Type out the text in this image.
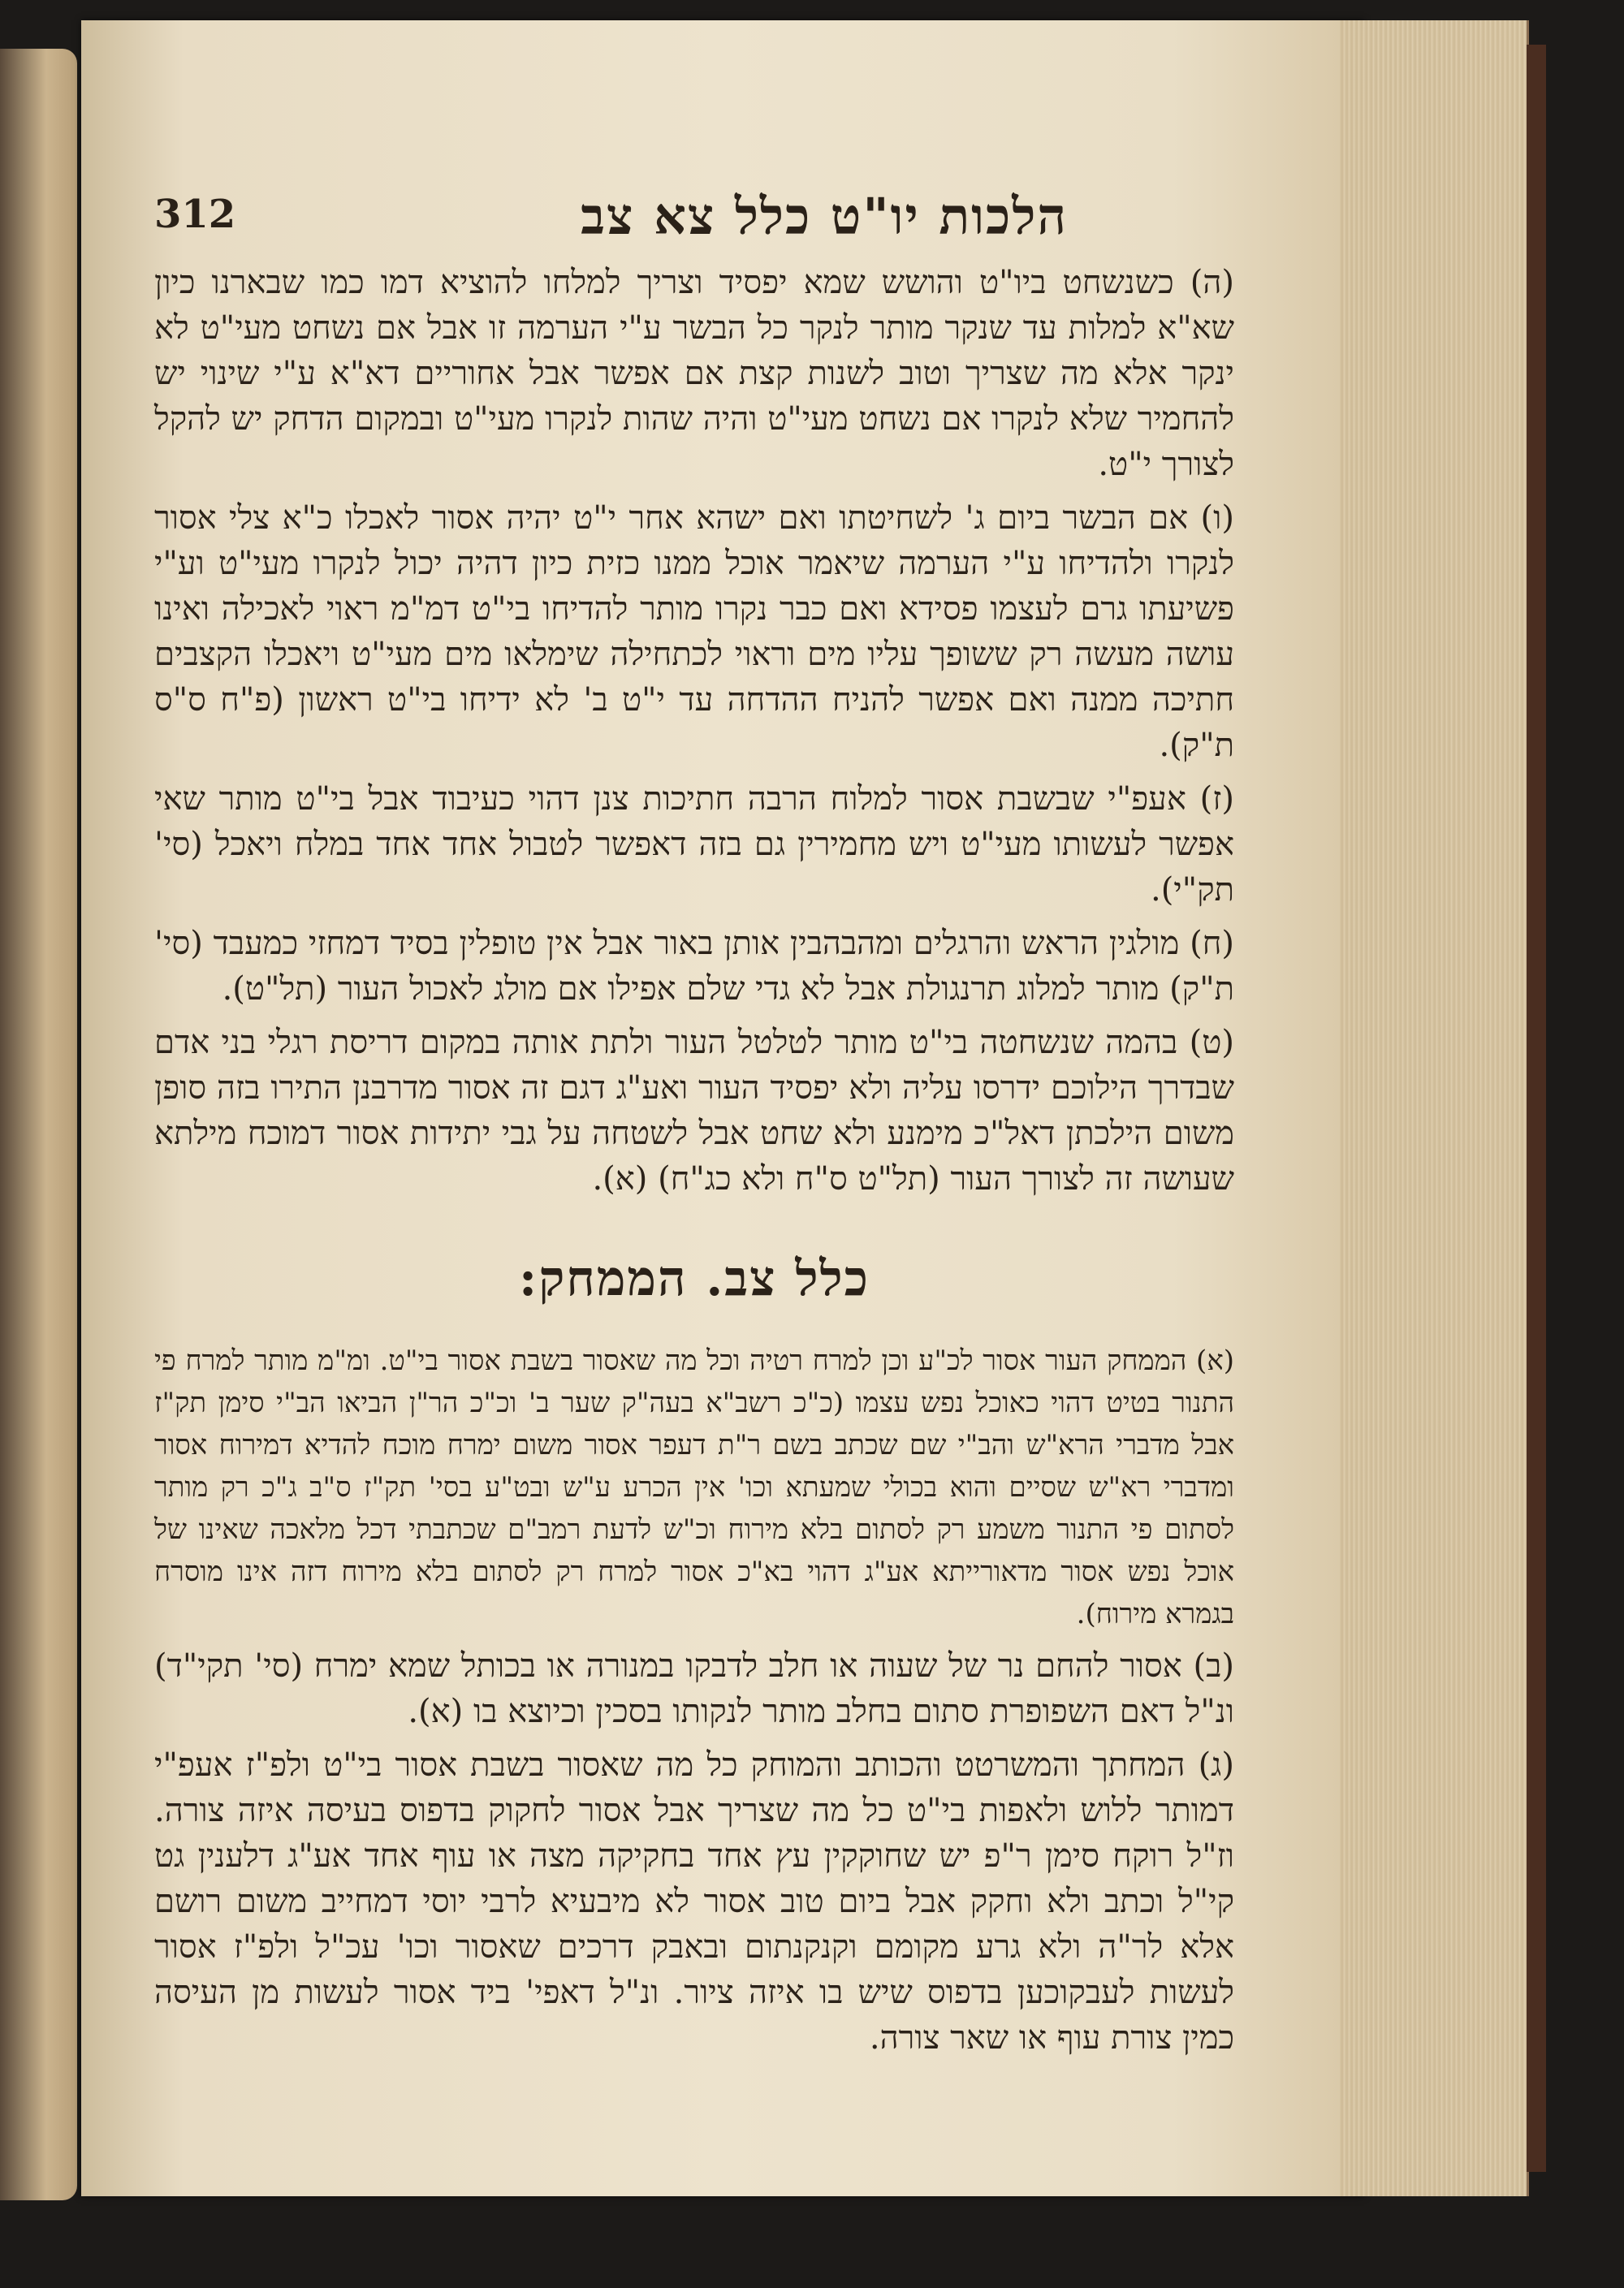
הלכות יו"ט כלל צא צב
312

(ה) כשנשחט ביו"ט והושש שמא יפסיד וצריך למלחו להוציא דמו כמו שבארנו כיון שא"א למלות עד שנקר מותר לנקר כל הבשר ע"י הערמה זו אבל אם נשחט מעי"ט לא ינקר אלא מה שצריך וטוב לשנות קצת אם אפשר אבל אחוריים דא"א ע"י שינוי יש להחמיר שלא לנקרו אם נשחט מעי"ט והיה שהות לנקרו מעי"ט ובמקום הדחק יש להקל לצורך י"ט.

(ו) אם הבשר ביום ג' לשחיטתו ואם ישהא אחר י"ט יהיה אסור לאכלו כ"א צלי אסור לנקרו ולהדיחו ע"י הערמה שיאמר אוכל ממנו כזית כיון דהיה יכול לנקרו מעי"ט וע"י פשיעתו גרם לעצמו פסידא ואם כבר נקרו מותר להדיחו בי"ט דמ"מ ראוי לאכילה ואינו עושה מעשה רק ששופך עליו מים וראוי לכתחילה שימלאו מים מעי"ט ויאכלו הקצבים חתיכה ממנה ואם אפשר להניח ההדחה עד י"ט ב' לא ידיחו בי"ט ראשון (פ"ח ס"ס ת"ק).

(ז) אעפ"י שבשבת אסור למלוח הרבה חתיכות צנן דהוי כעיבוד אבל בי"ט מותר שאי אפשר לעשותו מעי"ט ויש מחמירין גם בזה דאפשר לטבול אחד אחד במלח ויאכל (סי' תק"י).

(ח) מולגין הראש והרגלים ומהבהבין אותן באור אבל אין טופלין בסיד דמחזי כמעבד (סי' ת"ק) מותר למלוג תרנגולת אבל לא גדי שלם אפילו אם מולג לאכול העור (תל"ט).

(ט) בהמה שנשחטה בי"ט מותר לטלטל העור ולתת אותה במקום דריסת רגלי בני אדם שבדרך הילוכם ידרסו עליה ולא יפסיד העור ואע"ג דגם זה אסור מדרבנן התירו בזה סופן משום הילכתן דאל"כ מימנע ולא שחט אבל לשטחה על גבי יתידות אסור דמוכח מילתא שעושה זה לצורך העור (תל"ט ס"ח ולא כג"ח) (א).

כלל צב. הממחק:

(א) הממחק העור אסור לכ"ע וכן למרח רטיה וכל מה שאסור בשבת אסור בי"ט. ומ"מ מותר למרח פי התנור בטיט דהוי כאוכל נפש עצמו (כ"כ רשב"א בעה"ק שער ב' וכ"כ הר"ן הביאו הב"י סימן תק"ז אבל מדברי הרא"ש והב"י שם שכתב בשם ר"ת דעפר אסור משום ימרח מוכח להדיא דמירוח אסור ומדברי רא"ש שסיים והוא בכולי שמעתא וכו' אין הכרע ע"ש ובט"ע בסי' תק"ז ס"ב ג"כ רק מותר לסתום פי התנור משמע רק לסתום בלא מירוח וכ"ש לדעת רמב"ם שכתבתי דכל מלאכה שאינו של אוכל נפש אסור מדאורייתא אע"ג דהוי בא"כ אסור למרח רק לסתום בלא מירוח דזה אינו מוסרח בגמרא מירוח).

(ב) אסור להחם נר של שעוה או חלב לדבקו במנורה או בכותל שמא ימרח (סי' תקי"ד) ונ"ל דאם השפופרת סתום בחלב מותר לנקותו בסכין וכיוצא בו (א).

(ג) המחתך והמשרטט והכותב והמוחק כל מה שאסור בשבת אסור בי"ט ולפ"ז אעפ"י דמותר ללוש ולאפות בי"ט כל מה שצריך אבל אסור לחקוק בדפוס בעיסה איזה צורה. וז"ל רוקח סימן ר"פ יש שחוקקין עץ אחד בחקיקה מצה או עוף אחד אע"ג דלענין גט קי"ל וכתב ולא וחקק אבל ביום טוב אסור לא מיבעיא לרבי יוסי דמחייב משום רושם אלא לר"ה ולא גרע מקומם וקנקנתום ובאבק דרכים שאסור וכו' עכ"ל ולפ"ז אסור לעשות לעבקוכען בדפוס שיש בו איזה ציור. ונ"ל דאפי' ביד אסור לעשות מן העיסה כמין צורת עוף או שאר צורה.
